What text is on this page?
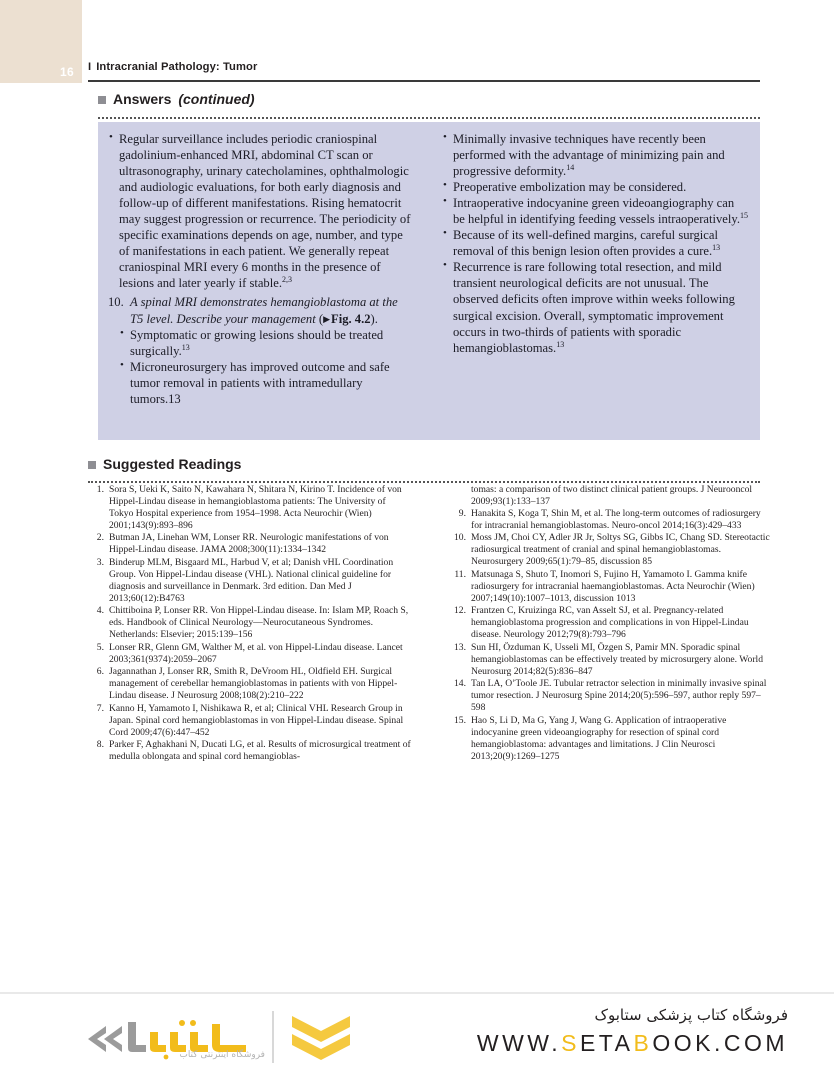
16 I Intracranial Pathology: Tumor
Answers (continued)
• Regular surveillance includes periodic craniospinal gadolinium-enhanced MRI, abdominal CT scan or ultrasonography, urinary catecholamines, ophthalmologic and audiologic evaluations, for both early diagnosis and follow-up of different manifestations. Rising hematocrit may suggest progression or recurrence. The periodicity of specific examinations depends on age, number, and type of manifestations in each patient. We generally repeat craniospinal MRI every 6 months in the presence of lesions and later yearly if stable.$^{2,3}$
10. A spinal MRI demonstrates hemangioblastoma at the T5 level. Describe your management (▶Fig. 4.2).
• Symptomatic or growing lesions should be treated surgically.$^{13}$
• Microneurosurgery has improved outcome and safe tumor removal in patients with intramedullary tumors.13
• Minimally invasive techniques have recently been performed with the advantage of minimizing pain and progressive deformity.$^{14}$
• Preoperative embolization may be considered.
• Intraoperative indocyanine green videoangiography can be helpful in identifying feeding vessels intraoperatively.$^{15}$
• Because of its well-defined margins, careful surgical removal of this benign lesion often provides a cure.$^{13}$
• Recurrence is rare following total resection, and mild transient neurological deficits are not unusual. The observed deficits often improve within weeks following surgical excision. Overall, symptomatic improvement occurs in two-thirds of patients with sporadic hemangioblastomas.$^{13}$
Suggested Readings
1. Sora S, Ueki K, Saito N, Kawahara N, Shitara N, Kirino T. Incidence of von Hippel-Lindau disease in hemangioblastoma patients: The University of Tokyo Hospital experience from 1954–1998. Acta Neurochir (Wien) 2001;143(9):893–896
2. Butman JA, Linehan WM, Lonser RR. Neurologic manifestations of von Hippel-Lindau disease. JAMA 2008;300(11):1334–1342
3. Binderup MLM, Bisgaard ML, Harbud V, et al; Danish vHL Coordination Group. Von Hippel-Lindau disease (VHL). National clinical guideline for diagnosis and surveillance in Denmark. 3rd edition. Dan Med J 2013;60(12):B4763
4. Chittiboina P, Lonser RR. Von Hippel-Lindau disease. In: Islam MP, Roach S, eds. Handbook of Clinical Neurology—Neurocutaneous Syndromes. Netherlands: Elsevier; 2015:139–156
5. Lonser RR, Glenn GM, Walther M, et al. von Hippel-Lindau disease. Lancet 2003;361(9374):2059–2067
6. Jagannathan J, Lonser RR, Smith R, DeVroom HL, Oldfield EH. Surgical management of cerebellar hemangioblastomas in patients with von Hippel-Lindau disease. J Neurosurg 2008;108(2):210–222
7. Kanno H, Yamamoto I, Nishikawa R, et al; Clinical VHL Research Group in Japan. Spinal cord hemangioblastomas in von Hippel-Lindau disease. Spinal Cord 2009;47(6):447–452
8. Parker F, Aghakhani N, Ducati LG, et al. Results of microsurgical treatment of medulla oblongata and spinal cord hemangioblas-
tomas: a comparison of two distinct clinical patient groups. J Neurooncol 2009;93(1):133–137
9. Hanakita S, Koga T, Shin M, et al. The long-term outcomes of radiosurgery for intracranial hemangioblastomas. Neuro-oncol 2014;16(3):429–433
10. Moss JM, Choi CY, Adler JR Jr, Soltys SG, Gibbs IC, Chang SD. Stereotactic radiosurgical treatment of cranial and spinal hemangioblastomas. Neurosurgery 2009;65(1):79–85, discussion 85
11. Matsunaga S, Shuto T, Inomori S, Fujino H, Yamamoto I. Gamma knife radiosurgery for intracranial haemangioblastomas. Acta Neurochir (Wien) 2007;149(10):1007–1013, discussion 1013
12. Frantzen C, Kruizinga RC, van Asselt SJ, et al. Pregnancy-related hemangioblastoma progression and complications in von Hippel-Lindau disease. Neurology 2012;79(8):793–796
13. Sun HI, Özduman K, Usseli MI, Özgen S, Pamir MN. Sporadic spinal hemangioblastomas can be effectively treated by microsurgery alone. World Neurosurg 2014;82(5):836–847
14. Tan LA, O’Toole JE. Tubular retractor selection in minimally invasive spinal tumor resection. J Neurosurg Spine 2014;20(5):596–597, author reply 597–598
15. Hao S, Li D, Ma G, Yang J, Wang G. Application of intraoperative indocyanine green videoangiography for resection of spinal cord hemangioblastoma: advantages and limitations. J Clin Neurosci 2013;20(9):1269–1275
فروشگاه اینترنتی کتاب
فروشگاه کتاب پزشکی ستابوک
WWW.SETABOOK.COM
